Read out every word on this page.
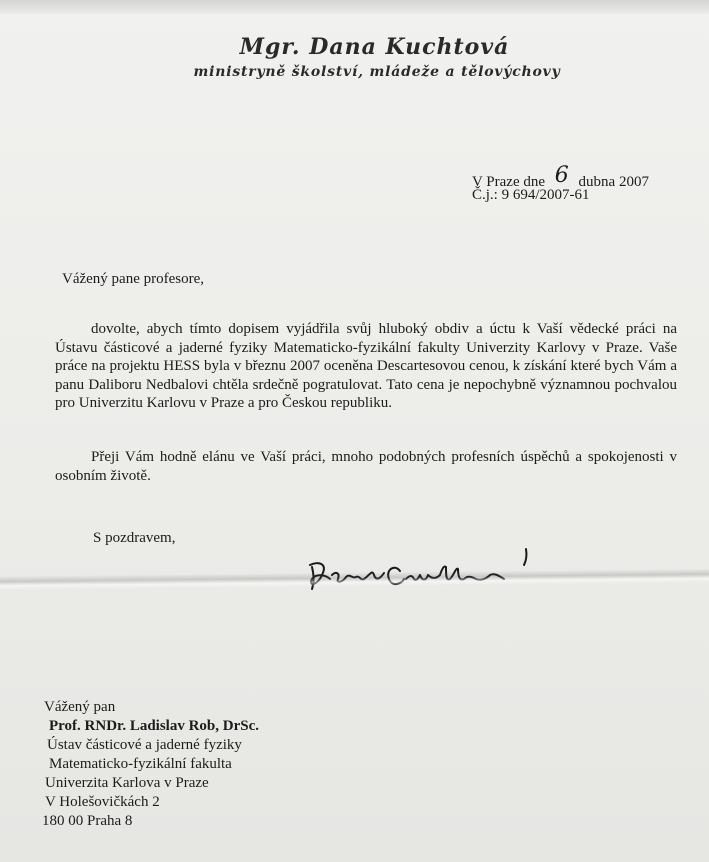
Mgr. Dana Kuchtová
ministryně školství, mládeže a tělovýchovy
V Praze dne 6 dubna 2007
Č.j.: 9 694/2007-61
Vážený pane profesore,

dovolte, abych tímto dopisem vyjádřila svůj hluboký obdiv a úctu k Vaší vědecké práci na Ústavu částicové a jaderné fyziky Matematicko-fyzikální fakulty Univerzity Karlovy v Praze. Vaše práce na projektu HESS byla v březnu 2007 oceněna Descartesovou cenou, k získání které bych Vám a panu Daliboru Nedbalovi chtěla srdečně pogratulovat. Tato cena je nepochybně významnou pochvalou pro Univerzitu Karlovu v Praze a pro Českou republiku.

Přeji Vám hodně elánu ve Vaší práci, mnoho podobných profesních úspěchů a spokojenosti v osobním životě.

S pozdravem,
Vážený pan
Prof. RNDr. Ladislav Rob, DrSc.
Ústav částicové a jaderné fyziky
Matematicko-fyzikální fakulta
Univerzita Karlova v Praze
V Holešovičkách 2
180 00 Praha 8
